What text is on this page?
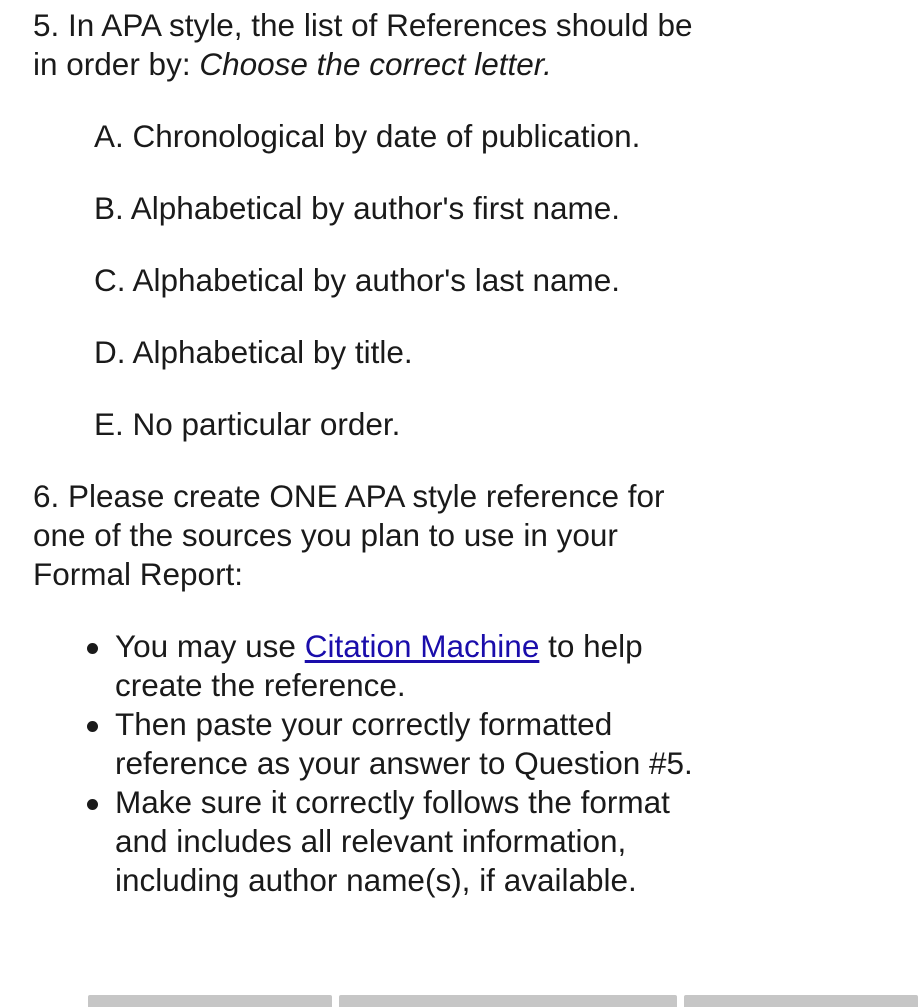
5. In APA style, the list of References should be in order by: Choose the correct letter.

A. Chronological by date of publication.
B. Alphabetical by author's first name.
C. Alphabetical by author's last name.
D. Alphabetical by title.
E. No particular order.

6. Please create ONE APA style reference for one of the sources you plan to use in your Formal Report:

You may use Citation Machine to help create the reference.
Then paste your correctly formatted reference as your answer to Question #5.
Make sure it correctly follows the format and includes all relevant information, including author name(s), if available.
